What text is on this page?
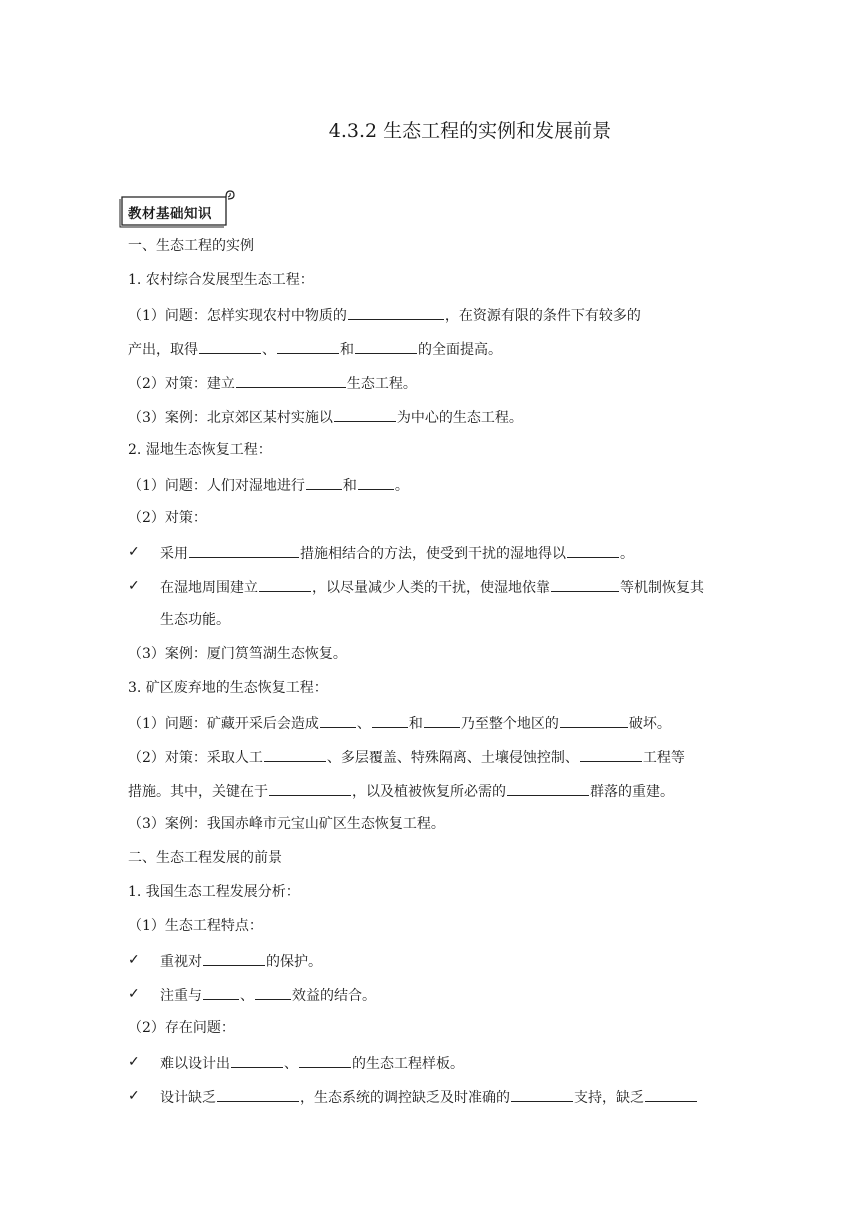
4.3.2 生态工程的实例和发展前景
教材基础知识
一、生态工程的实例
1. 农村综合发展型生态工程：
（1）问题：怎样实现农村中物质的	，在资源有限的条件下有较多的
产出，取得	、	和	的全面提高。
（2）对策：建立	生态工程。
（3）案例：北京郊区某村实施以	为中心的生态工程。
2. 湿地生态恢复工程：
（1）问题：人们对湿地进行	和	。
（2）对策：
✓ 采用	措施相结合的方法，使受到干扰的湿地得以	。
✓ 在湿地周围建立	，以尽量减少人类的干扰，使湿地依靠	等机制恢复其
生态功能。
（3）案例：厦门筼筜湖生态恢复。
3. 矿区废弃地的生态恢复工程：
（1）问题：矿藏开采后会造成	、	和	乃至整个地区的	破坏。
（2）对策：采取人工	、多层覆盖、特殊隔离、土壤侵蚀控制、	工程等
措施。其中，关键在于	，以及植被恢复所必需的	群落的重建。
（3）案例：我国赤峰市元宝山矿区生态恢复工程。
二、生态工程发展的前景
1. 我国生态工程发展分析：
（1）生态工程特点：
✓ 重视对	的保护。
✓ 注重与	、	效益的结合。
（2）存在问题：
✓ 难以设计出	、	的生态工程样板。
✓ 设计缺乏	，生态系统的调控缺乏及时准确的	支持，缺乏
